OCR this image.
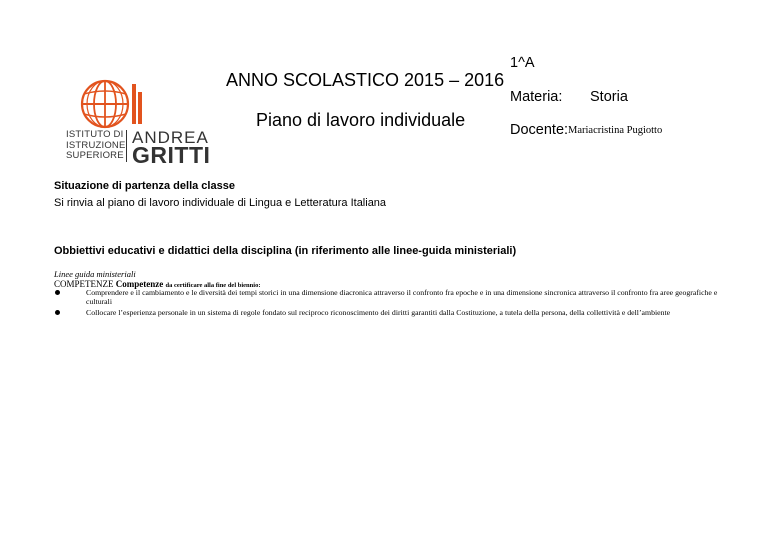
ISTITUTO DI
ISTRUZIONE
SUPERIORE
ANDREA
GRITTI
ANNO SCOLASTICO 2015 – 2016
Piano di lavoro individuale
1^A
Materia: Storia
Docente: Mariacristina Pugiotto
Situazione di partenza della classe
Si rinvia al piano di lavoro individuale di Lingua e Letteratura Italiana
Obbiettivi educativi e didattici della disciplina (in riferimento alle linee-guida ministeriali)
Linee guida ministeriali
COMPETENZE Competenze da certificare alla fine del biennio:
Comprendere e il cambiamento e le diversità dei tempi storici in una dimensione diacronica attraverso il confronto fra epoche e in una dimensione sincronica attraverso il confronto fra aree geografiche e culturali
Collocare l’esperienza personale in un sistema di regole fondato sul reciproco riconoscimento dei diritti garantiti dalla Costituzione, a tutela della persona, della collettività e dell’ambiente
